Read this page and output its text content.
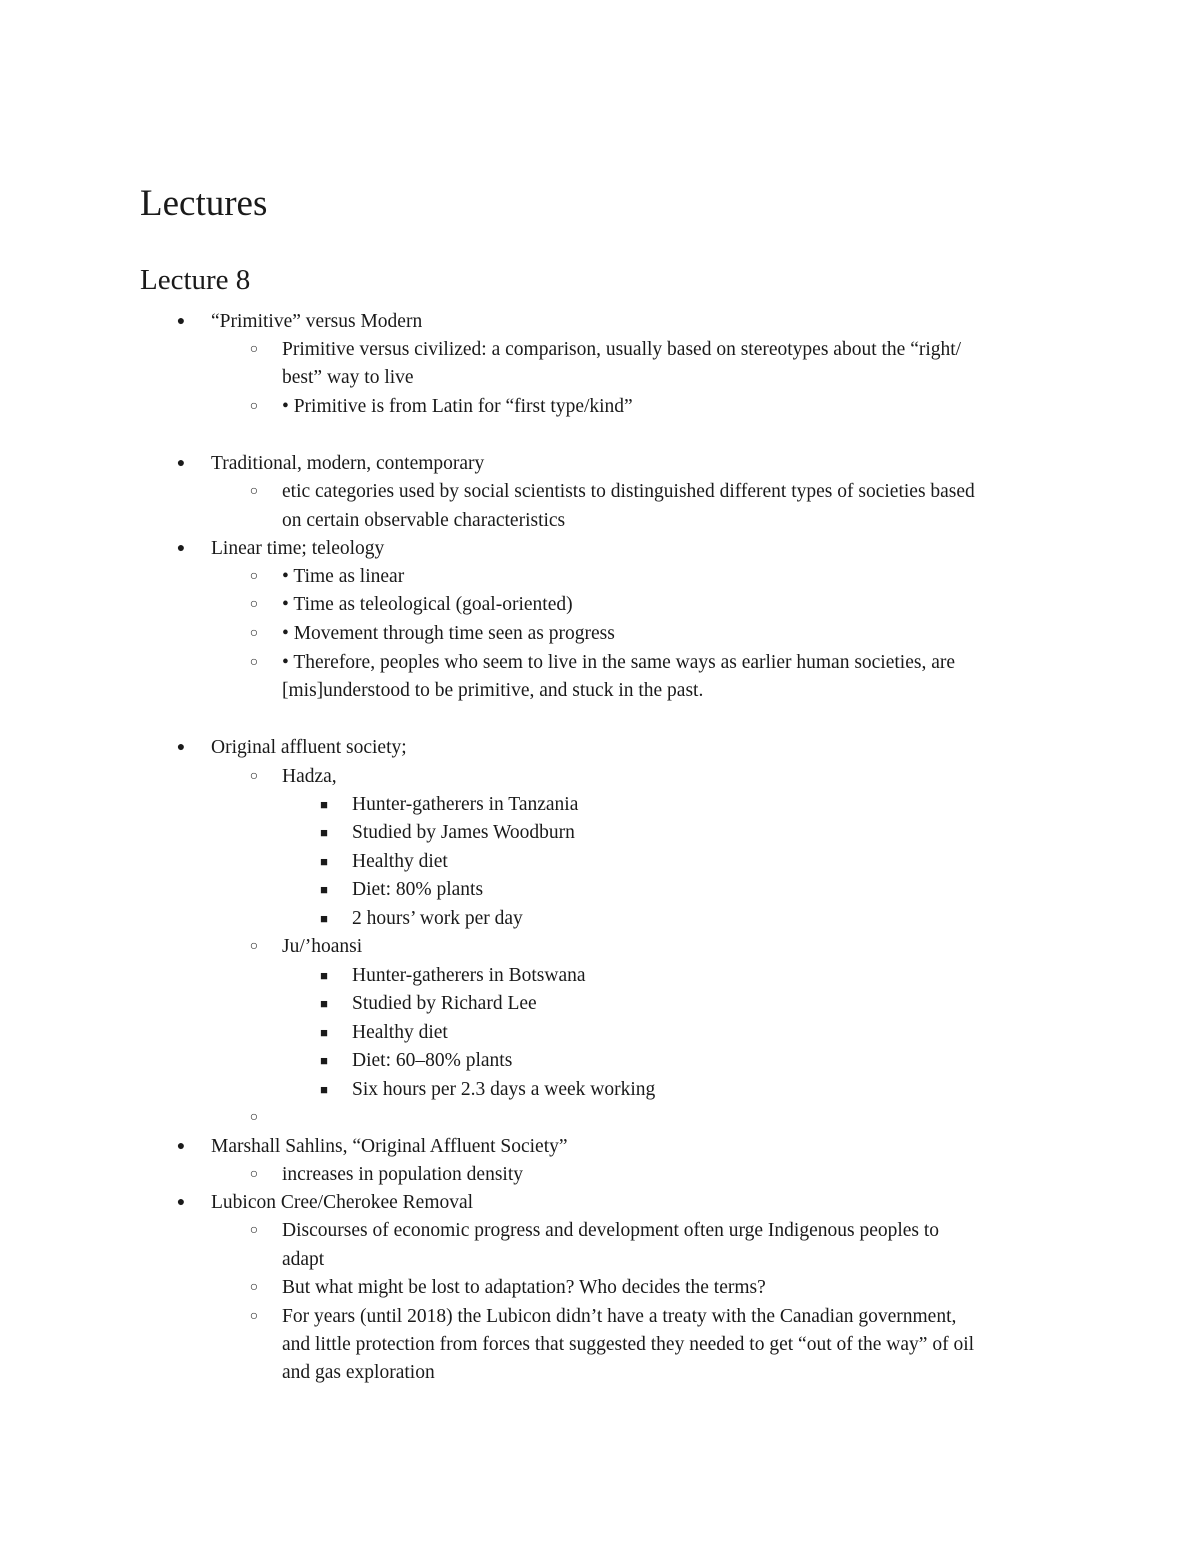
Lectures
Lecture 8
● “Primitive” versus Modern
○ Primitive versus civilized: a comparison, usually based on stereotypes about the “right/
best” way to live
○ • Primitive is from Latin for “first type/kind”
● Traditional, modern, contemporary
○ etic categories used by social scientists to distinguished different types of societies based
on certain observable characteristics
● Linear time; teleology
○ • Time as linear
○ • Time as teleological (goal-oriented)
○ • Movement through time seen as progress
○ • Therefore, peoples who seem to live in the same ways as earlier human societies, are
[mis]understood to be primitive, and stuck in the past.
● Original affluent society;
○ Hadza,
■ Hunter-gatherers in Tanzania
■ Studied by James Woodburn
■ Healthy diet
■ Diet: 80% plants
■ 2 hours’ work per day
○ Ju/’hoansi
■ Hunter-gatherers in Botswana
■ Studied by Richard Lee
■ Healthy diet
■ Diet: 60–80% plants
■ Six hours per 2.3 days a week working
○
● Marshall Sahlins, “Original Affluent Society”
○ increases in population density
● Lubicon Cree/Cherokee Removal
○ Discourses of economic progress and development often urge Indigenous peoples to
adapt
○ But what might be lost to adaptation? Who decides the terms?
○ For years (until 2018) the Lubicon didn’t have a treaty with the Canadian government,
and little protection from forces that suggested they needed to get “out of the way” of oil
and gas exploration
